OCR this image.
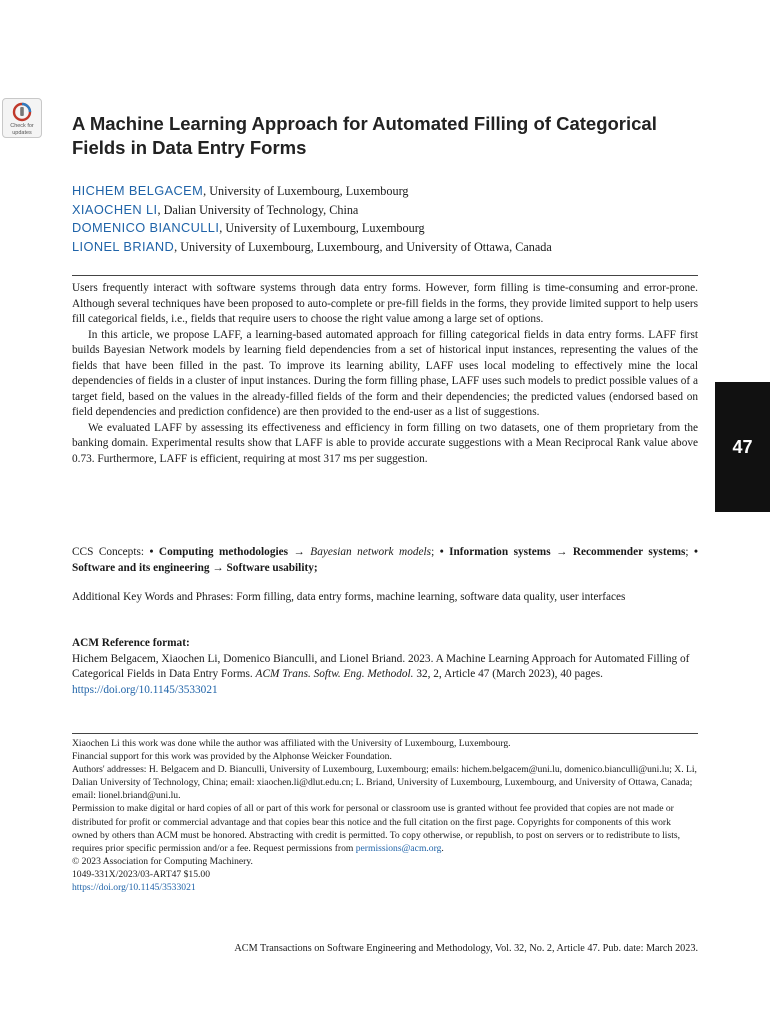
Check for
updates	A Machine Learning Approach for Automated Filling of Categorical Fields in Data Entry Forms
HICHEM BELGACEM, University of Luxembourg, Luxembourg
XIAOCHEN LI, Dalian University of Technology, China
DOMENICO BIANCULLI, University of Luxembourg, Luxembourg
LIONEL BRIAND, University of Luxembourg, Luxembourg, and University of Ottawa, Canada

Users frequently interact with software systems through data entry forms. However, form filling is time-consuming and error-prone. Although several techniques have been proposed to auto-complete or pre-fill fields in the forms, they provide limited support to help users fill categorical fields, i.e., fields that require users to choose the right value among a large set of options.

In this article, we propose LAFF, a learning-based automated approach for filling categorical fields in data entry forms. LAFF first builds Bayesian Network models by learning field dependencies from a set of historical input instances, representing the values of the fields that have been filled in the past. To improve its learning ability, LAFF uses local modeling to effectively mine the local dependencies of fields in a cluster of input instances. During the form filling phase, LAFF uses such models to predict possible values of a target field, based on the values in the already-filled fields of the form and their dependencies; the predicted values (endorsed based on field dependencies and prediction confidence) are then provided to the end-user as a list of suggestions.

We evaluated LAFF by assessing its effectiveness and efficiency in form filling on two datasets, one of them proprietary from the banking domain. Experimental results show that LAFF is able to provide accurate suggestions with a Mean Reciprocal Rank value above 0.73. Furthermore, LAFF is efficient, requiring at most 317 ms per suggestion.

CCS Concepts: • Computing methodologies → Bayesian network models; • Information systems → Recommender systems; • Software and its engineering → Software usability;
Additional Key Words and Phrases: Form filling, data entry forms, machine learning, software data quality, user interfaces
ACM Reference format:
Hichem Belgacem, Xiaochen Li, Domenico Bianculli, and Lionel Briand. 2023. A Machine Learning Approach for Automated Filling of Categorical Fields in Data Entry Forms. ACM Trans. Softw. Eng. Methodol. 32, 2, Article 47 (March 2023), 40 pages.
https://doi.org/10.1145/3533021
Xiaochen Li this work was done while the author was affiliated with the University of Luxembourg, Luxembourg.
Financial support for this work was provided by the Alphonse Weicker Foundation.
Authors' addresses: H. Belgacem and D. Bianculli, University of Luxembourg, Luxembourg; emails: hichem.belgacem@uni.lu, domenico.bianculli@uni.lu; X. Li, Dalian University of Technology, China; email: xiaochen.li@dlut.edu.cn; L. Briand, University of Luxembourg, Luxembourg, and University of Ottawa, Canada; email: lionel.briand@uni.lu.
Permission to make digital or hard copies of all or part of this work for personal or classroom use is granted without fee provided that copies are not made or distributed for profit or commercial advantage and that copies bear this notice and the full citation on the first page. Copyrights for components of this work owned by others than ACM must be honored. Abstracting with credit is permitted. To copy otherwise, or republish, to post on servers or to redistribute to lists, requires prior specific permission and/or a fee. Request permissions from permissions@acm.org.
© 2023 Association for Computing Machinery.
1049-331X/2023/03-ART47 $15.00
https://doi.org/10.1145/3533021
ACM Transactions on Software Engineering and Methodology, Vol. 32, No. 2, Article 47. Pub. date: March 2023.
47
